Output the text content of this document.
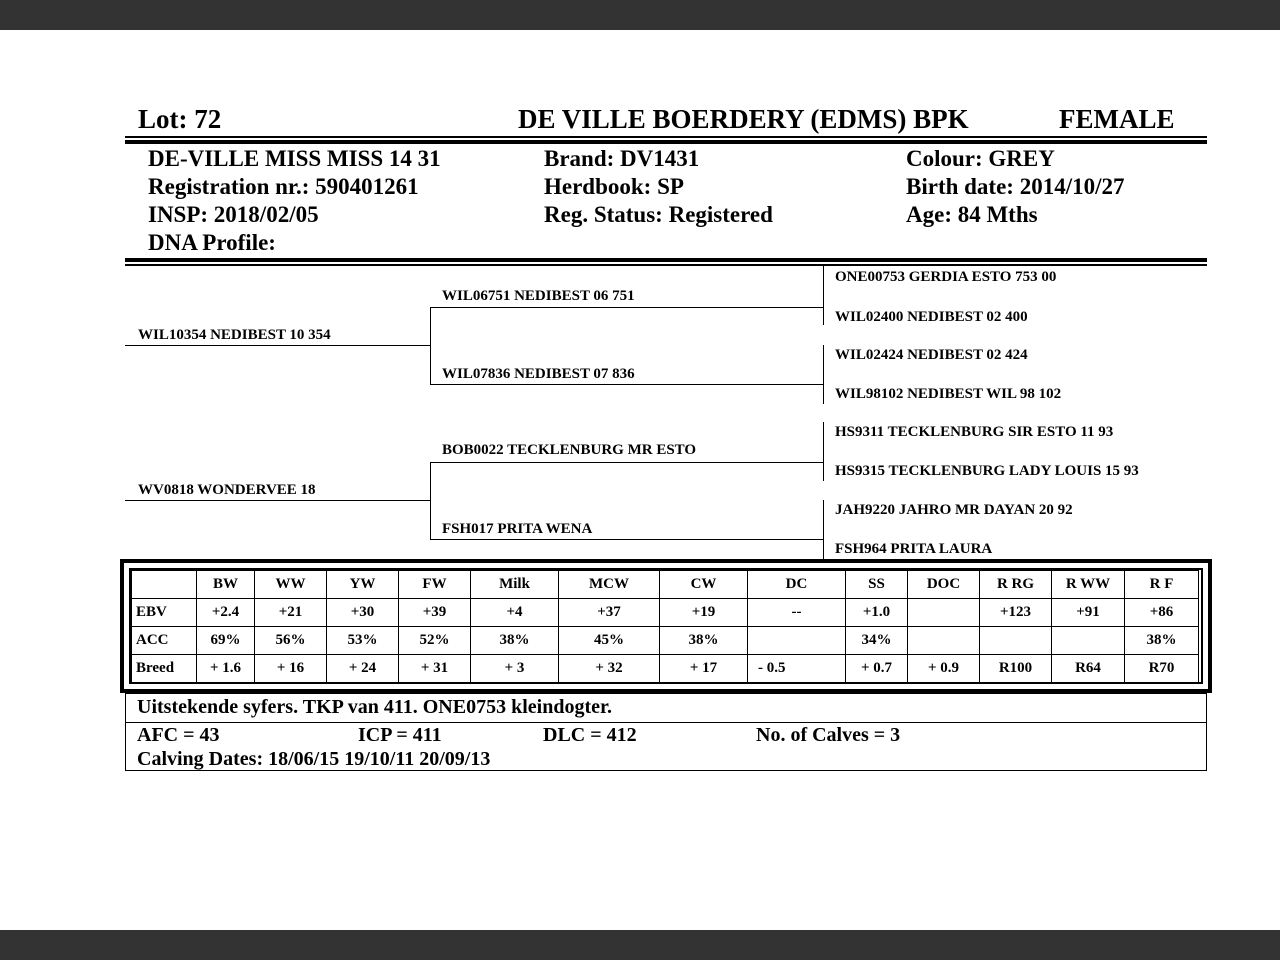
Lot: 72	DE VILLE BOERDERY (EDMS) BPK	FEMALE
DE-VILLE MISS MISS 14 31
Registration nr.: 590401261
INSP: 2018/02/05
DNA Profile:
Brand: DV1431
Herdbook: SP
Reg. Status: Registered
Colour: GREY
Birth date: 2014/10/27
Age: 84 Mths
WIL10354 NEDIBEST 10 354
WV0818 WONDERVEE 18
WIL06751 NEDIBEST 06 751
WIL07836 NEDIBEST 07 836
BOB0022 TECKLENBURG MR ESTO
FSH017 PRITA WENA
ONE00753 GERDIA ESTO 753 00
WIL02400 NEDIBEST 02 400
WIL02424 NEDIBEST 02 424
WIL98102 NEDIBEST WIL 98 102
HS9311 TECKLENBURG SIR ESTO 11 93
HS9315 TECKLENBURG LADY LOUIS 15 93
JAH9220 JAHRO MR DAYAN 20 92
FSH964 PRITA LAURA
	BW	WW	YW	FW	Milk	MCW	CW	DC	SS	DOC	R RG	R WW	R F
EBV	+2.4	+21	+30	+39	+4	+37	+19	--	+1.0		+123	+91	+86
ACC	69%	56%	53%	52%	38%	45%	38%		34%				38%
Breed	+ 1.6	+ 16	+ 24	+ 31	+ 3	+ 32	+ 17	- 0.5	+ 0.7	+ 0.9	R100	R64	R70
Uitstekende syfers. TKP van 411. ONE0753 kleindogter.
AFC = 43	ICP = 411	DLC = 412	No. of Calves = 3
Calving Dates: 18/06/15 19/10/11 20/09/13
